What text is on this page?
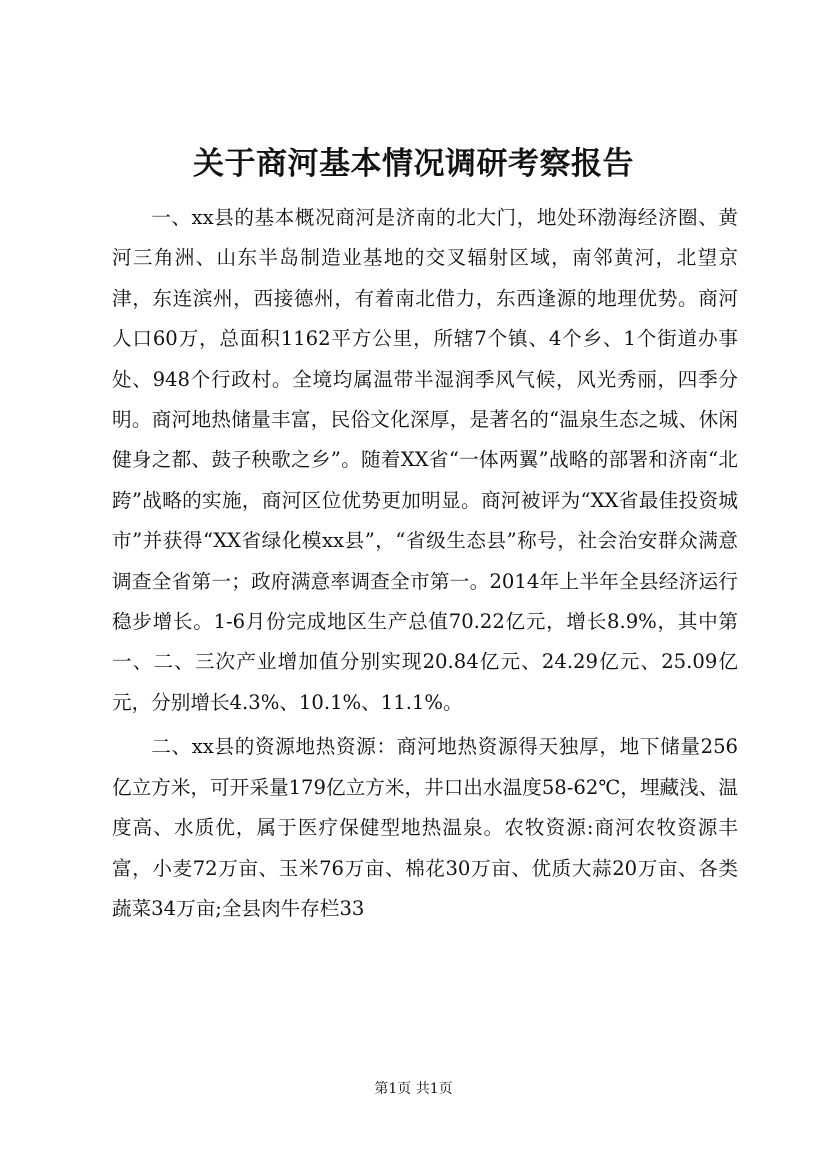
关于商河基本情况调研考察报告

一、xx县的基本概况商河是济南的北大门，地处环渤海经济圈、黄河三角洲、山东半岛制造业基地的交叉辐射区域，南邻黄河，北望京津，东连滨州，西接德州，有着南北借力，东西逢源的地理优势。商河人口60万，总面积1162平方公里，所辖7个镇、4个乡、1个街道办事处、948个行政村。全境均属温带半湿润季风气候，风光秀丽，四季分明。商河地热储量丰富，民俗文化深厚，是著名的“温泉生态之城、休闲健身之都、鼓子秧歌之乡”。随着XX省“一体两翼”战略的部署和济南“北跨”战略的实施，商河区位优势更加明显。商河被评为“XX省最佳投资城市”并获得“XX省绿化模xx县”，“省级生态县”称号，社会治安群众满意调查全省第一；政府满意率调查全市第一。2014年上半年全县经济运行稳步增长。1-6月份完成地区生产总值70.22亿元，增长8.9%，其中第一、二、三次产业增加值分别实现20.84亿元、24.29亿元、25.09亿元，分别增长4.3%、10.1%、11.1%。

二、xx县的资源地热资源：商河地热资源得天独厚，地下储量256亿立方米，可开采量179亿立方米，井口出水温度58-62℃，埋藏浅、温度高、水质优，属于医疗保健型地热温泉。农牧资源:商河农牧资源丰富，小麦72万亩、玉米76万亩、棉花30万亩、优质大蒜20万亩、各类蔬菜34万亩;全县肉牛存栏33

第1页 共1页
